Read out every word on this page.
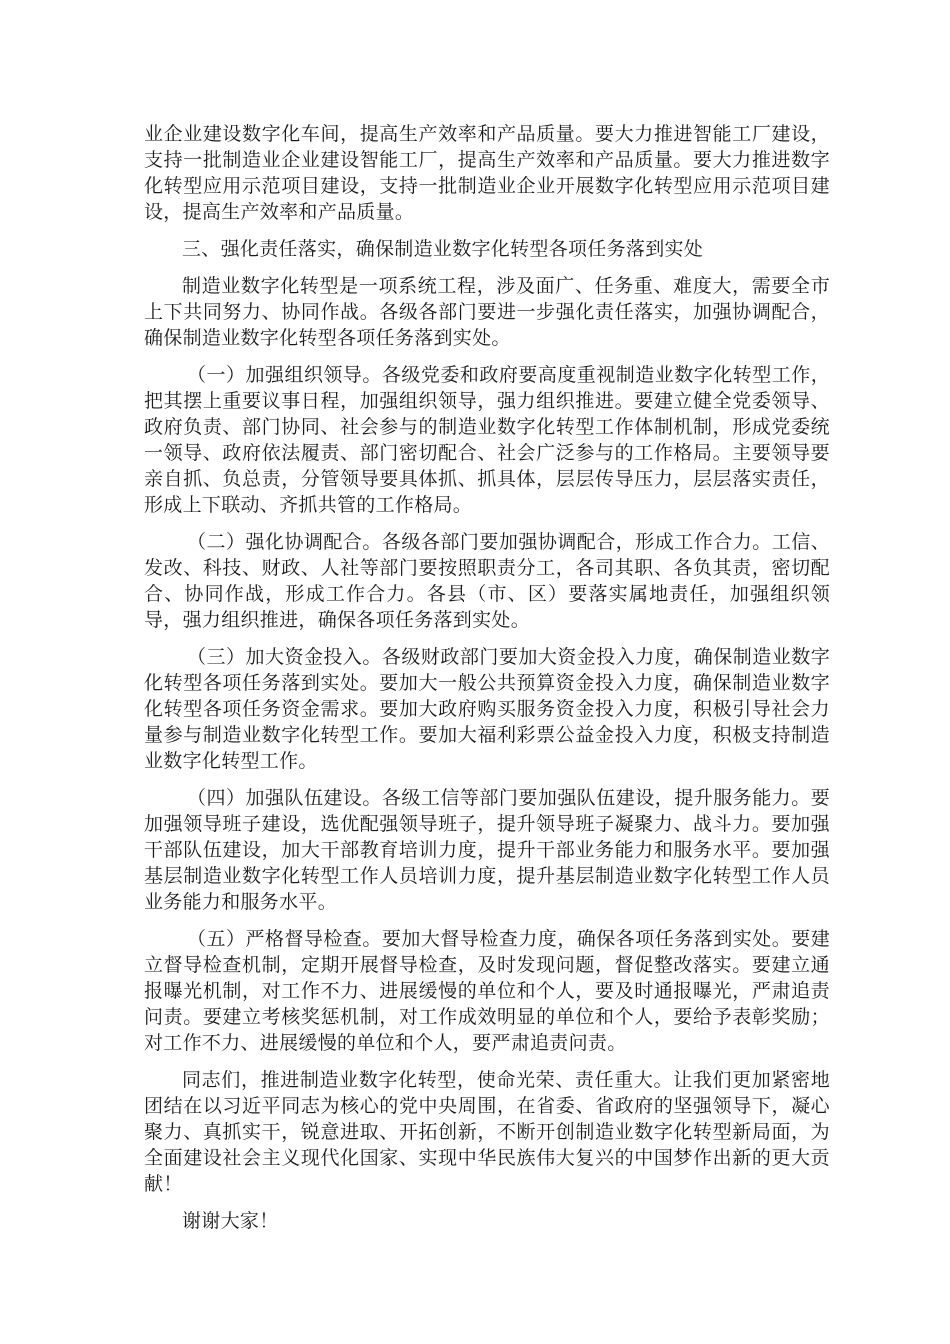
业企业建设数字化车间，提高生产效率和产品质量。要大力推进智能工厂建设，支持一批制造业企业建设智能工厂，提高生产效率和产品质量。要大力推进数字化转型应用示范项目建设，支持一批制造业企业开展数字化转型应用示范项目建设，提高生产效率和产品质量。

三、强化责任落实，确保制造业数字化转型各项任务落到实处

制造业数字化转型是一项系统工程，涉及面广、任务重、难度大，需要全市上下共同努力、协同作战。各级各部门要进一步强化责任落实，加强协调配合，确保制造业数字化转型各项任务落到实处。

（一）加强组织领导。各级党委和政府要高度重视制造业数字化转型工作，把其摆上重要议事日程，加强组织领导，强力组织推进。要建立健全党委领导、政府负责、部门协同、社会参与的制造业数字化转型工作体制机制，形成党委统一领导、政府依法履责、部门密切配合、社会广泛参与的工作格局。主要领导要亲自抓、负总责，分管领导要具体抓、抓具体，层层传导压力，层层落实责任，形成上下联动、齐抓共管的工作格局。

（二）强化协调配合。各级各部门要加强协调配合，形成工作合力。工信、发改、科技、财政、人社等部门要按照职责分工，各司其职、各负其责，密切配合、协同作战，形成工作合力。各县（市、区）要落实属地责任，加强组织领导，强力组织推进，确保各项任务落到实处。

（三）加大资金投入。各级财政部门要加大资金投入力度，确保制造业数字化转型各项任务落到实处。要加大一般公共预算资金投入力度，确保制造业数字化转型各项任务资金需求。要加大政府购买服务资金投入力度，积极引导社会力量参与制造业数字化转型工作。要加大福利彩票公益金投入力度，积极支持制造业数字化转型工作。

（四）加强队伍建设。各级工信等部门要加强队伍建设，提升服务能力。要加强领导班子建设，选优配强领导班子，提升领导班子凝聚力、战斗力。要加强干部队伍建设，加大干部教育培训力度，提升干部业务能力和服务水平。要加强基层制造业数字化转型工作人员培训力度，提升基层制造业数字化转型工作人员业务能力和服务水平。

（五）严格督导检查。要加大督导检查力度，确保各项任务落到实处。要建立督导检查机制，定期开展督导检查，及时发现问题，督促整改落实。要建立通报曝光机制，对工作不力、进展缓慢的单位和个人，要及时通报曝光，严肃追责问责。要建立考核奖惩机制，对工作成效明显的单位和个人，要给予表彰奖励；对工作不力、进展缓慢的单位和个人，要严肃追责问责。

同志们，推进制造业数字化转型，使命光荣、责任重大。让我们更加紧密地团结在以习近平同志为核心的党中央周围，在省委、省政府的坚强领导下，凝心聚力、真抓实干，锐意进取、开拓创新，不断开创制造业数字化转型新局面，为全面建设社会主义现代化国家、实现中华民族伟大复兴的中国梦作出新的更大贡献！

谢谢大家！
